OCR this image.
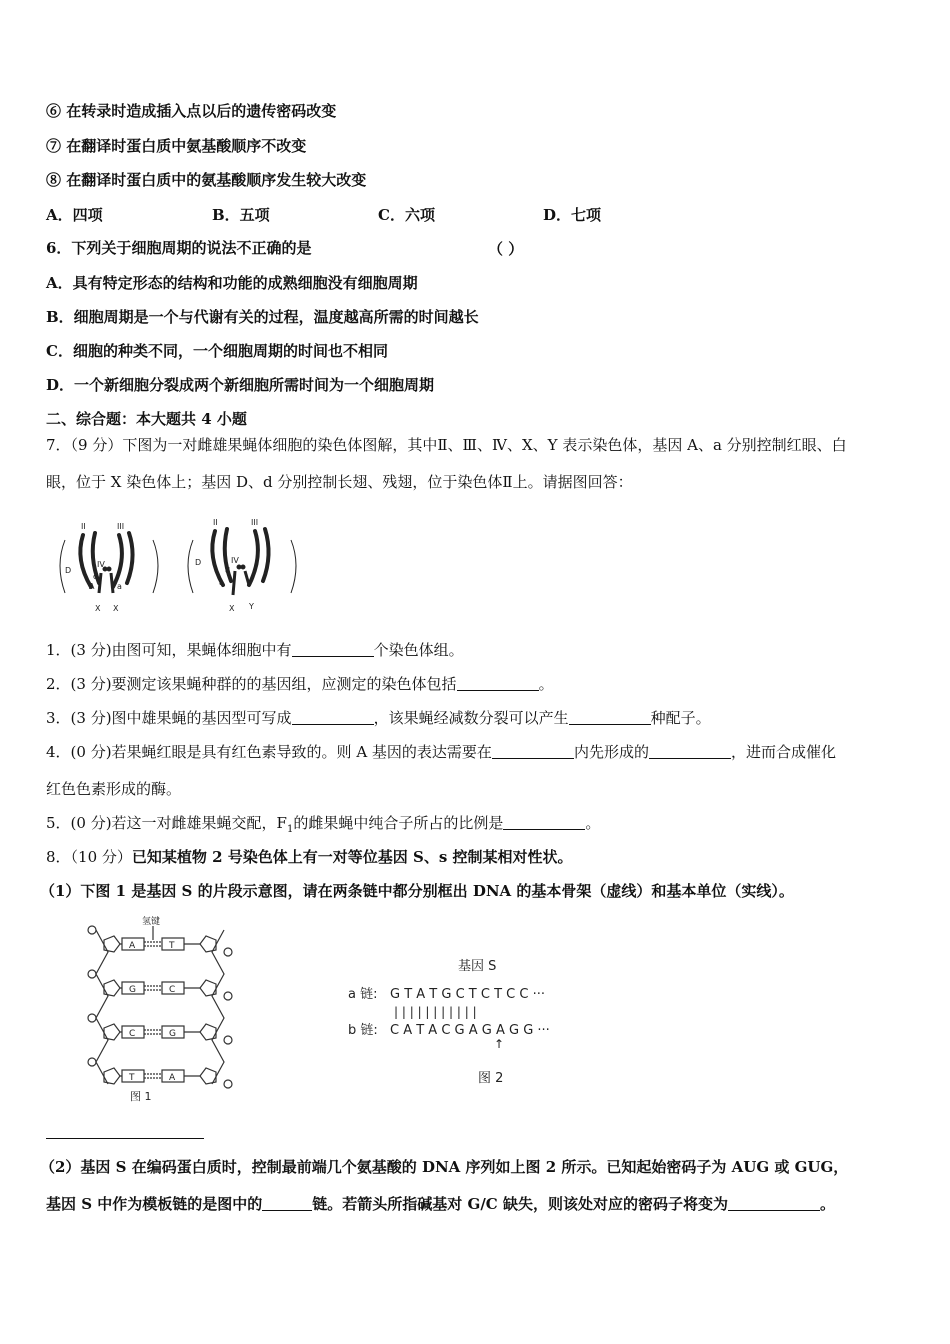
⑥ 在转录时造成插入点以后的遗传密码改变
⑦ 在翻译时蛋白质中氨基酸顺序不改变
⑧ 在翻译时蛋白质中的氨基酸顺序发生较大改变
A．四项	B．五项	C．六项	D．七项
6．下列关于细胞周期的说法不正确的是	（ ）
A．具有特定形态的结构和功能的成熟细胞没有细胞周期
B．细胞周期是一个与代谢有关的过程，温度越高所需的时间越长
C．细胞的种类不同，一个细胞周期的时间也不相同
D．一个新细胞分裂成两个新细胞所需时间为一个细胞周期
二、综合题：本大题共 4 小题
7．（9 分）下图为一对雌雄果蝇体细胞的染色体图解，其中Ⅱ、Ⅲ、Ⅳ、X、Y 表示染色体，基因 A、a 分别控制红眼、白
眼，位于 X 染色体上；基因 D、d 分别控制长翅、残翅，位于染色体Ⅱ上。请据图回答：
II	III
IV
D
d
A	a
X X
II	III
IV
D
d
a
X Y
1．(3 分)由图可知，果蝇体细胞中有	个染色体组。
2．(3 分)要测定该果蝇种群的的基因组，应测定的染色体包括	。
3．(3 分)图中雄果蝇的基因型可写成	，该果蝇经减数分裂可以产生	种配子。
4．(0 分)若果蝇红眼是具有红色素导致的。则 A 基因的表达需要在	内先形成的	，进而合成催化
红色色素形成的酶。
5．(0 分)若这一对雌雄果蝇交配，$F_1$的雌果蝇中纯合子所占的比例是	。
8．（10 分）已知某植物 2 号染色体上有一对等位基因 S、s 控制某相对性状。
（1）下图 1 是基因 S 的片段示意图，请在两条链中都分别框出 DNA 的基本骨架（虚线）和基本单位（实线）。
氢键
A	T
G	C
C	G
T	A
图 1
基因 S
a 链: G T A T G C T C T C C ···
| | | | | | | | | | |
b 链: C A T A C G A G A G G ···
↑
图 2
（2）基因 S 在编码蛋白质时，控制最前端几个氨基酸的 DNA 序列如上图 2 所示。已知起始密码子为 AUG 或 GUG，
基因 S 中作为模板链的是图中的	链。若箭头所指碱基对 G/C 缺失，则该处对应的密码子将变为	。
